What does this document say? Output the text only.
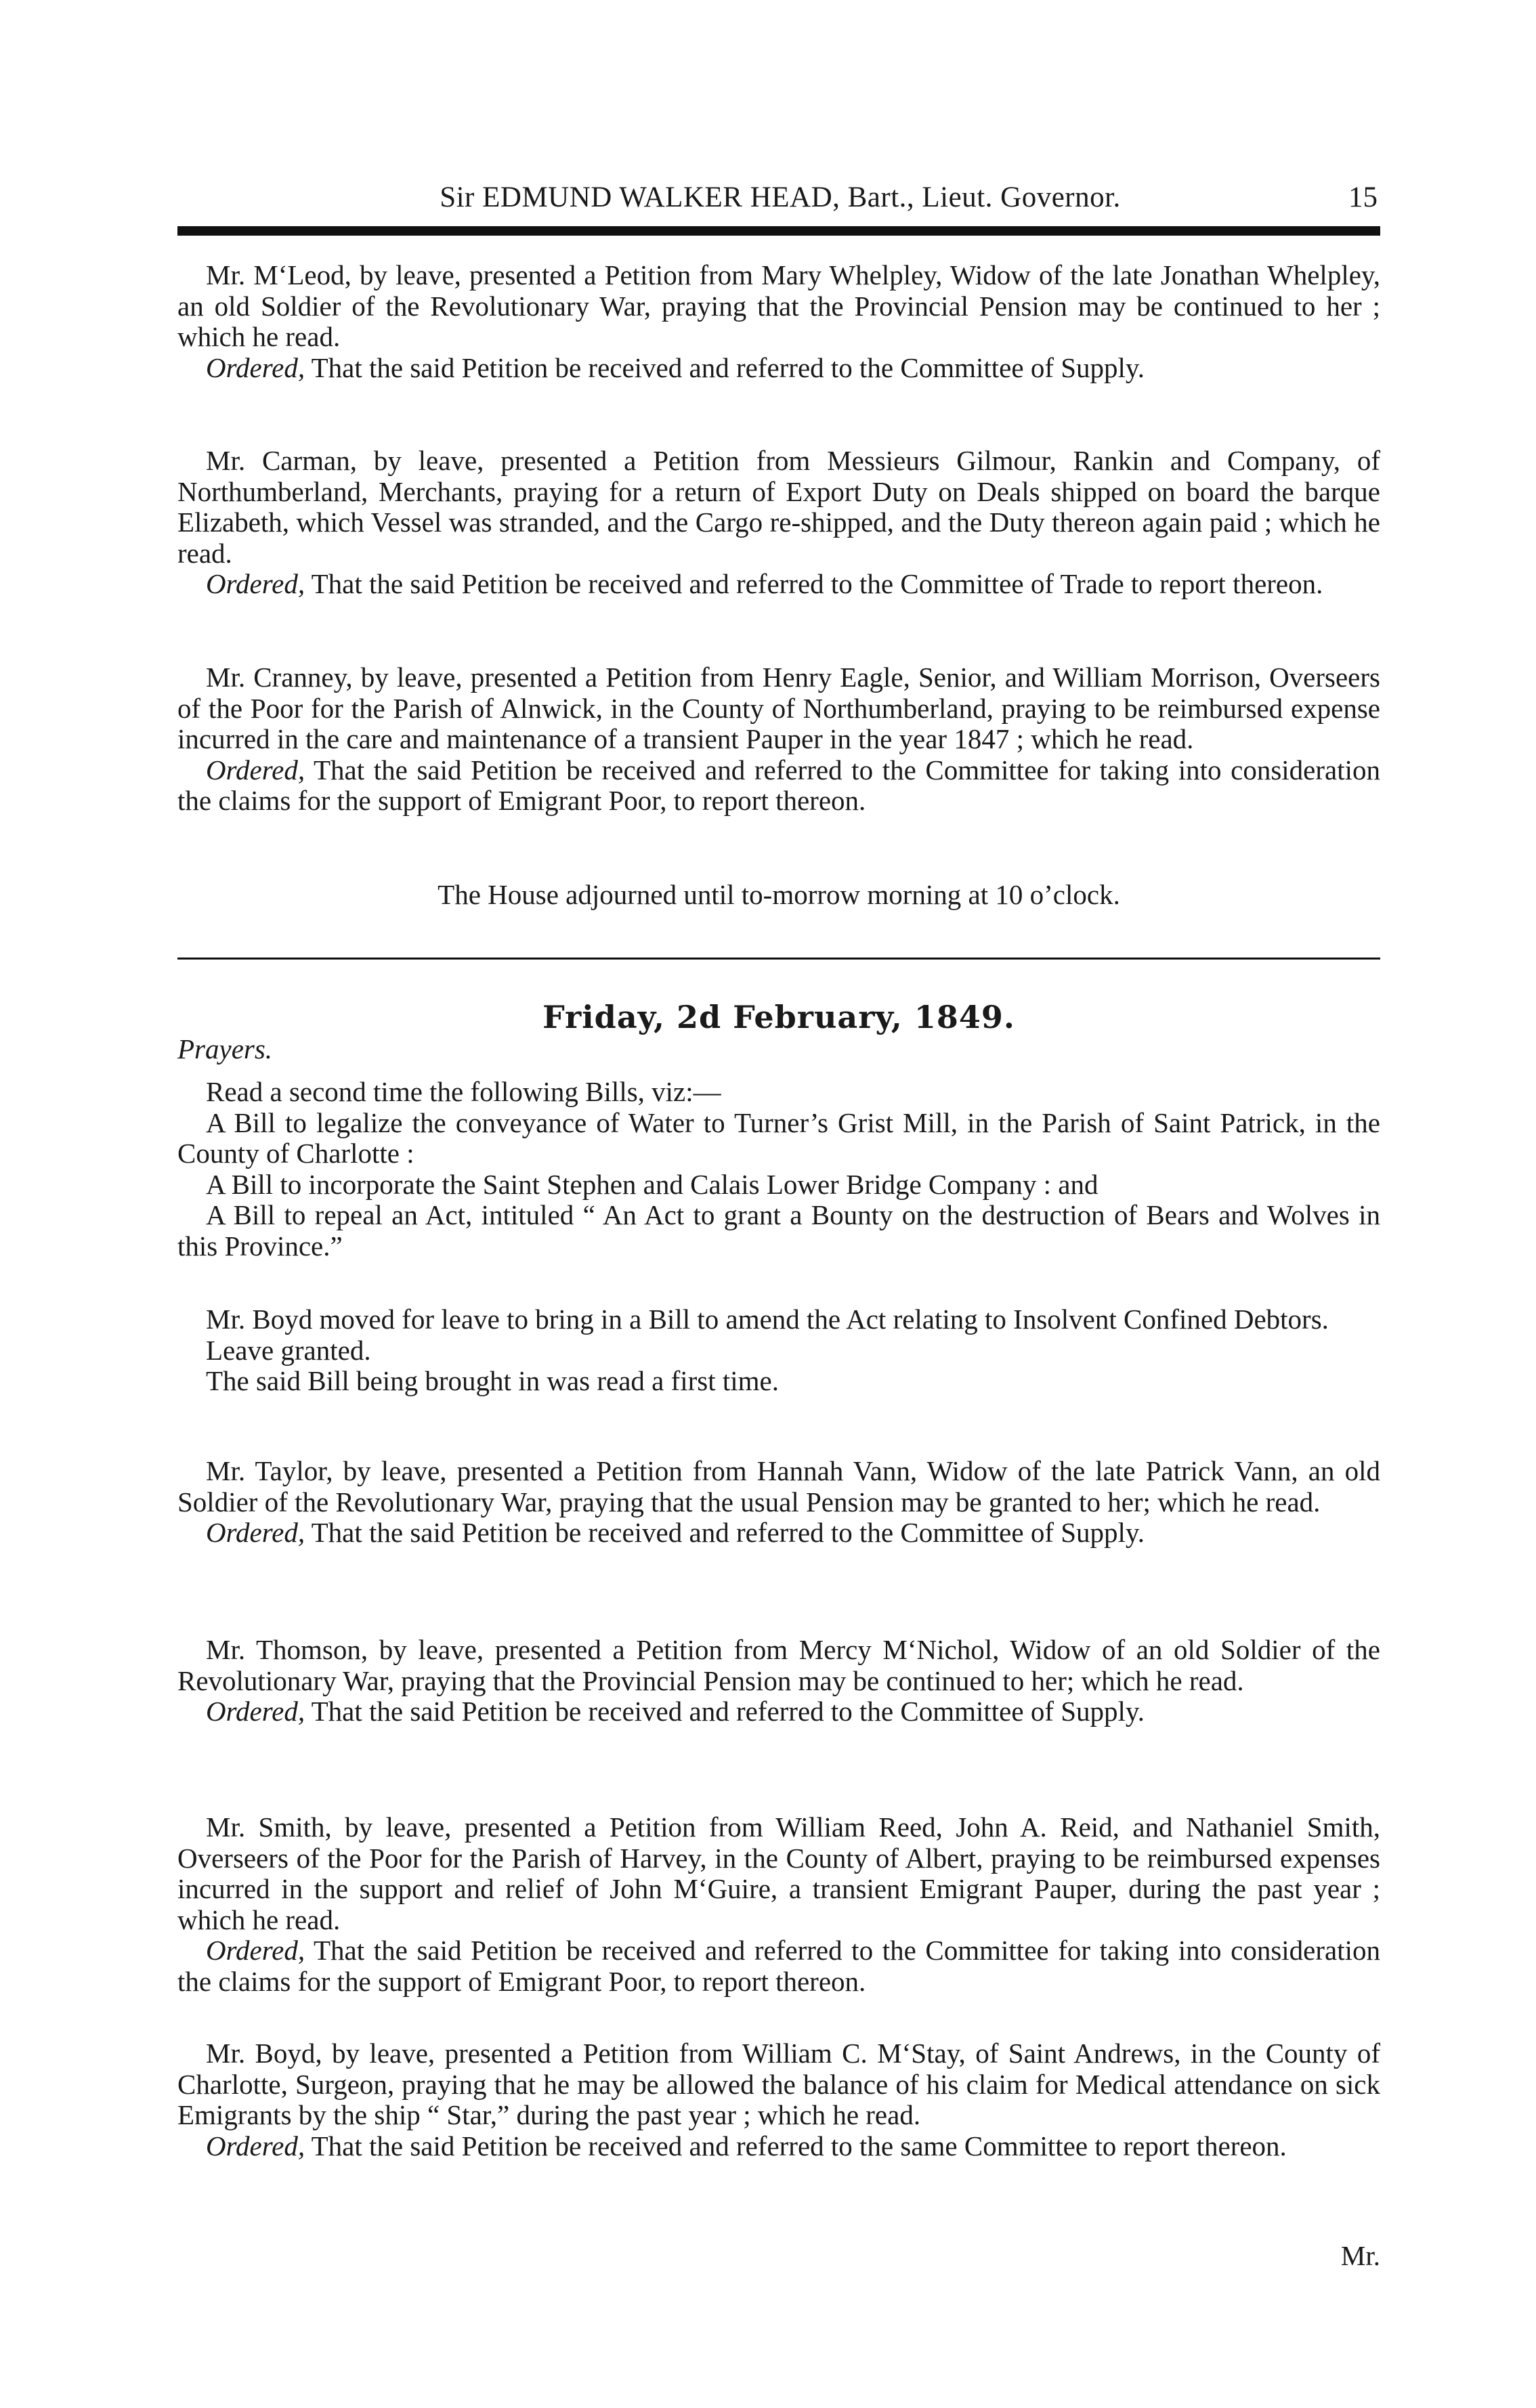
Sir EDMUND WALKER HEAD, Bart., Lieut. Governor.	15

Mr. M‘Leod, by leave, presented a Petition from Mary Whelpley, Widow of the late Jonathan Whelpley, an old Soldier of the Revolutionary War, praying that the Provincial Pension may be continued to her ; which he read.

Ordered, That the said Petition be received and referred to the Committee of Supply.

Mr. Carman, by leave, presented a Petition from Messieurs Gilmour, Rankin and Company, of Northumberland, Merchants, praying for a return of Export Duty on Deals shipped on board the barque Elizabeth, which Vessel was stranded, and the Cargo re-shipped, and the Duty thereon again paid ; which he read.

Ordered, That the said Petition be received and referred to the Committee of Trade to report thereon.

Mr. Cranney, by leave, presented a Petition from Henry Eagle, Senior, and William Morrison, Overseers of the Poor for the Parish of Alnwick, in the County of Northumberland, praying to be reimbursed expense incurred in the care and maintenance of a transient Pauper in the year 1847 ; which he read.

Ordered, That the said Petition be received and referred to the Committee for taking into consideration the claims for the support of Emigrant Poor, to report thereon.

The House adjourned until to-morrow morning at 10 o’clock.
Friday, 2d February, 1849.
Prayers.

Read a second time the following Bills, viz:—

A Bill to legalize the conveyance of Water to Turner’s Grist Mill, in the Parish of Saint Patrick, in the County of Charlotte :

A Bill to incorporate the Saint Stephen and Calais Lower Bridge Company : and

A Bill to repeal an Act, intituled “ An Act to grant a Bounty on the destruction of Bears and Wolves in this Province.”

Mr. Boyd moved for leave to bring in a Bill to amend the Act relating to Insolvent Confined Debtors.

Leave granted.

The said Bill being brought in was read a first time.

Mr. Taylor, by leave, presented a Petition from Hannah Vann, Widow of the late Patrick Vann, an old Soldier of the Revolutionary War, praying that the usual Pension may be granted to her; which he read.

Ordered, That the said Petition be received and referred to the Committee of Supply.

Mr. Thomson, by leave, presented a Petition from Mercy M‘Nichol, Widow of an old Soldier of the Revolutionary War, praying that the Provincial Pension may be continued to her; which he read.

Ordered, That the said Petition be received and referred to the Committee of Supply.

Mr. Smith, by leave, presented a Petition from William Reed, John A. Reid, and Nathaniel Smith, Overseers of the Poor for the Parish of Harvey, in the County of Albert, praying to be reimbursed expenses incurred in the support and relief of John M‘Guire, a transient Emigrant Pauper, during the past year ; which he read.

Ordered, That the said Petition be received and referred to the Committee for taking into consideration the claims for the support of Emigrant Poor, to report thereon.

Mr. Boyd, by leave, presented a Petition from William C. M‘Stay, of Saint Andrews, in the County of Charlotte, Surgeon, praying that he may be allowed the balance of his claim for Medical attendance on sick Emigrants by the ship “ Star,” during the past year ; which he read.

Ordered, That the said Petition be received and referred to the same Committee to report thereon.

Mr.
